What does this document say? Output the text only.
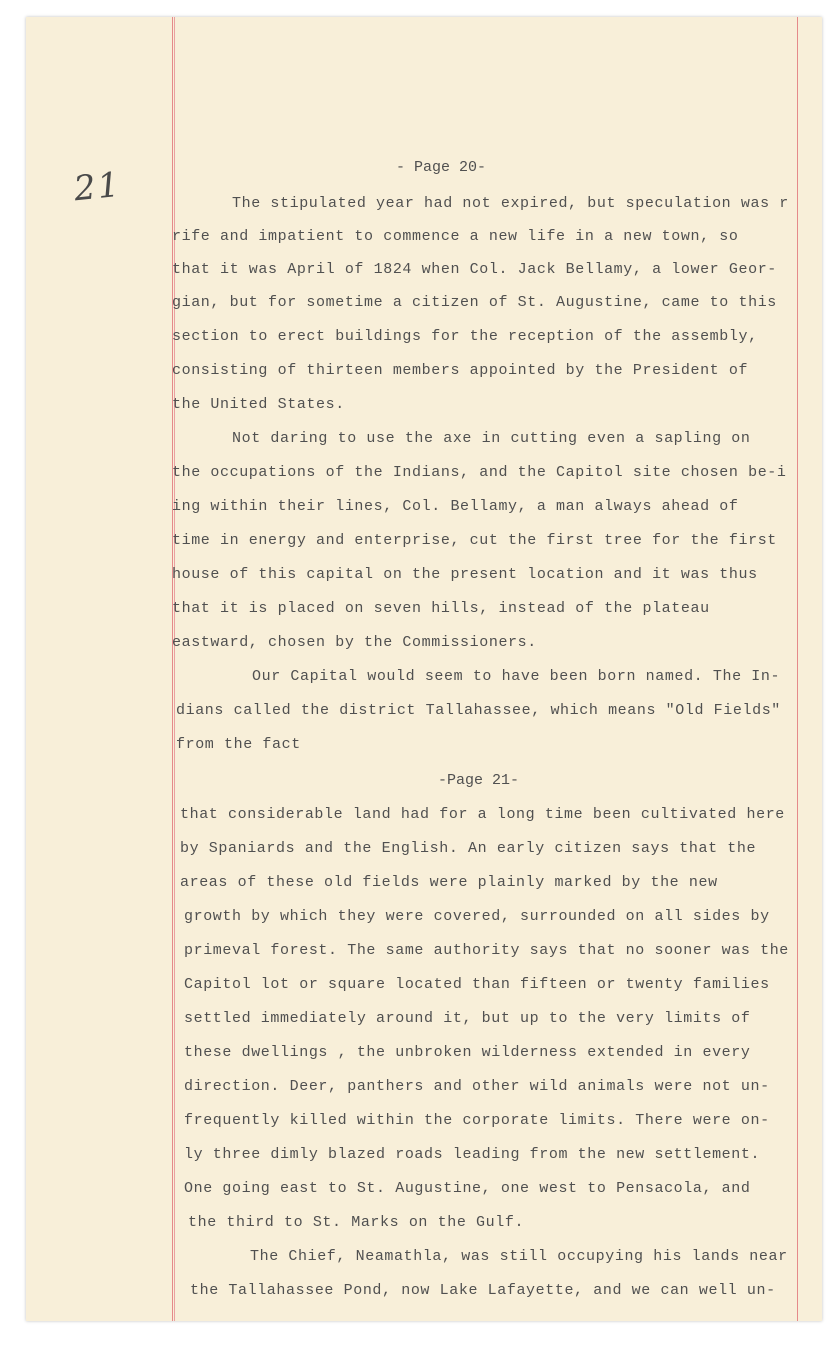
21	- Page 20-
The stipulated year had not expired, but speculation was r
rife and impatient to commence a new life in a new town, so
that it was April of 1824 when Col. Jack Bellamy, a lower Geor-
gian, but for sometime a citizen of St. Augustine, came to this
section to erect buildings for the reception of the assembly,
consisting of thirteen members appointed by the President of
the United States.
Not daring to use the axe in cutting even a sapling on
the occupations of the Indians, and the Capitol site chosen be-i
ing within their lines, Col. Bellamy, a man always ahead of
time in energy and enterprise, cut the first tree for the first
house of this capital on the present location and it was thus
that it is placed on seven hills, instead of the plateau
eastward, chosen by the Commissioners.
Our Capital would seem to have been born named. The In-
dians called the district Tallahassee, which means "Old Fields"
from the fact
-Page 21-
that considerable land had for a long time been cultivated here
by Spaniards and the English. An early citizen says that the
areas of these old fields were plainly marked by the new
growth by which they were covered, surrounded on all sides by
primeval forest. The same authority says that no sooner was the
Capitol lot or square located than fifteen or twenty families
settled immediately around it, but up to the very limits of
these dwellings , the unbroken wilderness extended in every
direction. Deer, panthers and other wild animals were not un-
frequently killed within the corporate limits. There were on-
ly three dimly blazed roads leading from the new settlement.
One going east to St. Augustine, one west to Pensacola, and
the third to St. Marks on the Gulf.
The Chief, Neamathla, was still occupying his lands near
the Tallahassee Pond, now Lake Lafayette, and we can well un-
